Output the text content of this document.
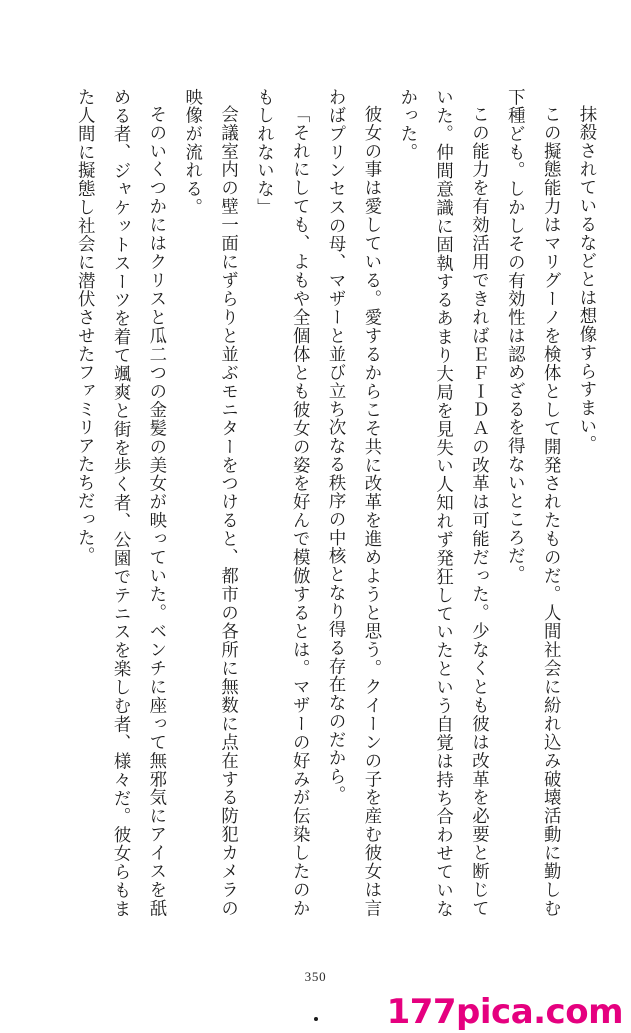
抹殺されているなどとは想像すらすまい。

この擬態能力はマリグーノを検体として開発されたものだ。人間社会に紛れ込み破壊活動に勤しむ下種ども。しかしその有効性は認めざるを得ないところだ。

この能力を有効活用できればＥＦＩＤＡの改革は可能だった。少なくとも彼は改革を必要と断じていた。仲間意識に固執するあまり大局を見失い人知れず発狂していたという自覚は持ち合わせていなかった。

彼女の事は愛している。愛するからこそ共に改革を進めようと思う。クイーンの子を産む彼女は言わばプリンセスの母、マザーと並び立ち次なる秩序の中核となり得る存在なのだから。

「それにしても、よもや全個体とも彼女の姿を好んで模倣するとは。マザーの好みが伝染したのかもしれないな」

会議室内の壁一面にずらりと並ぶモニターをつけると、都市の各所に無数に点在する防犯カメラの映像が流れる。

そのいくつかにはクリスと瓜二つの金髪の美女が映っていた。ベンチに座って無邪気にアイスを舐める者、ジャケットスーツを着て颯爽と街を歩く者、公園でテニスを楽しむ者、様々だ。彼女らもまた人間に擬態し社会に潜伏させたファミリアたちだった。

350
177pica.com
